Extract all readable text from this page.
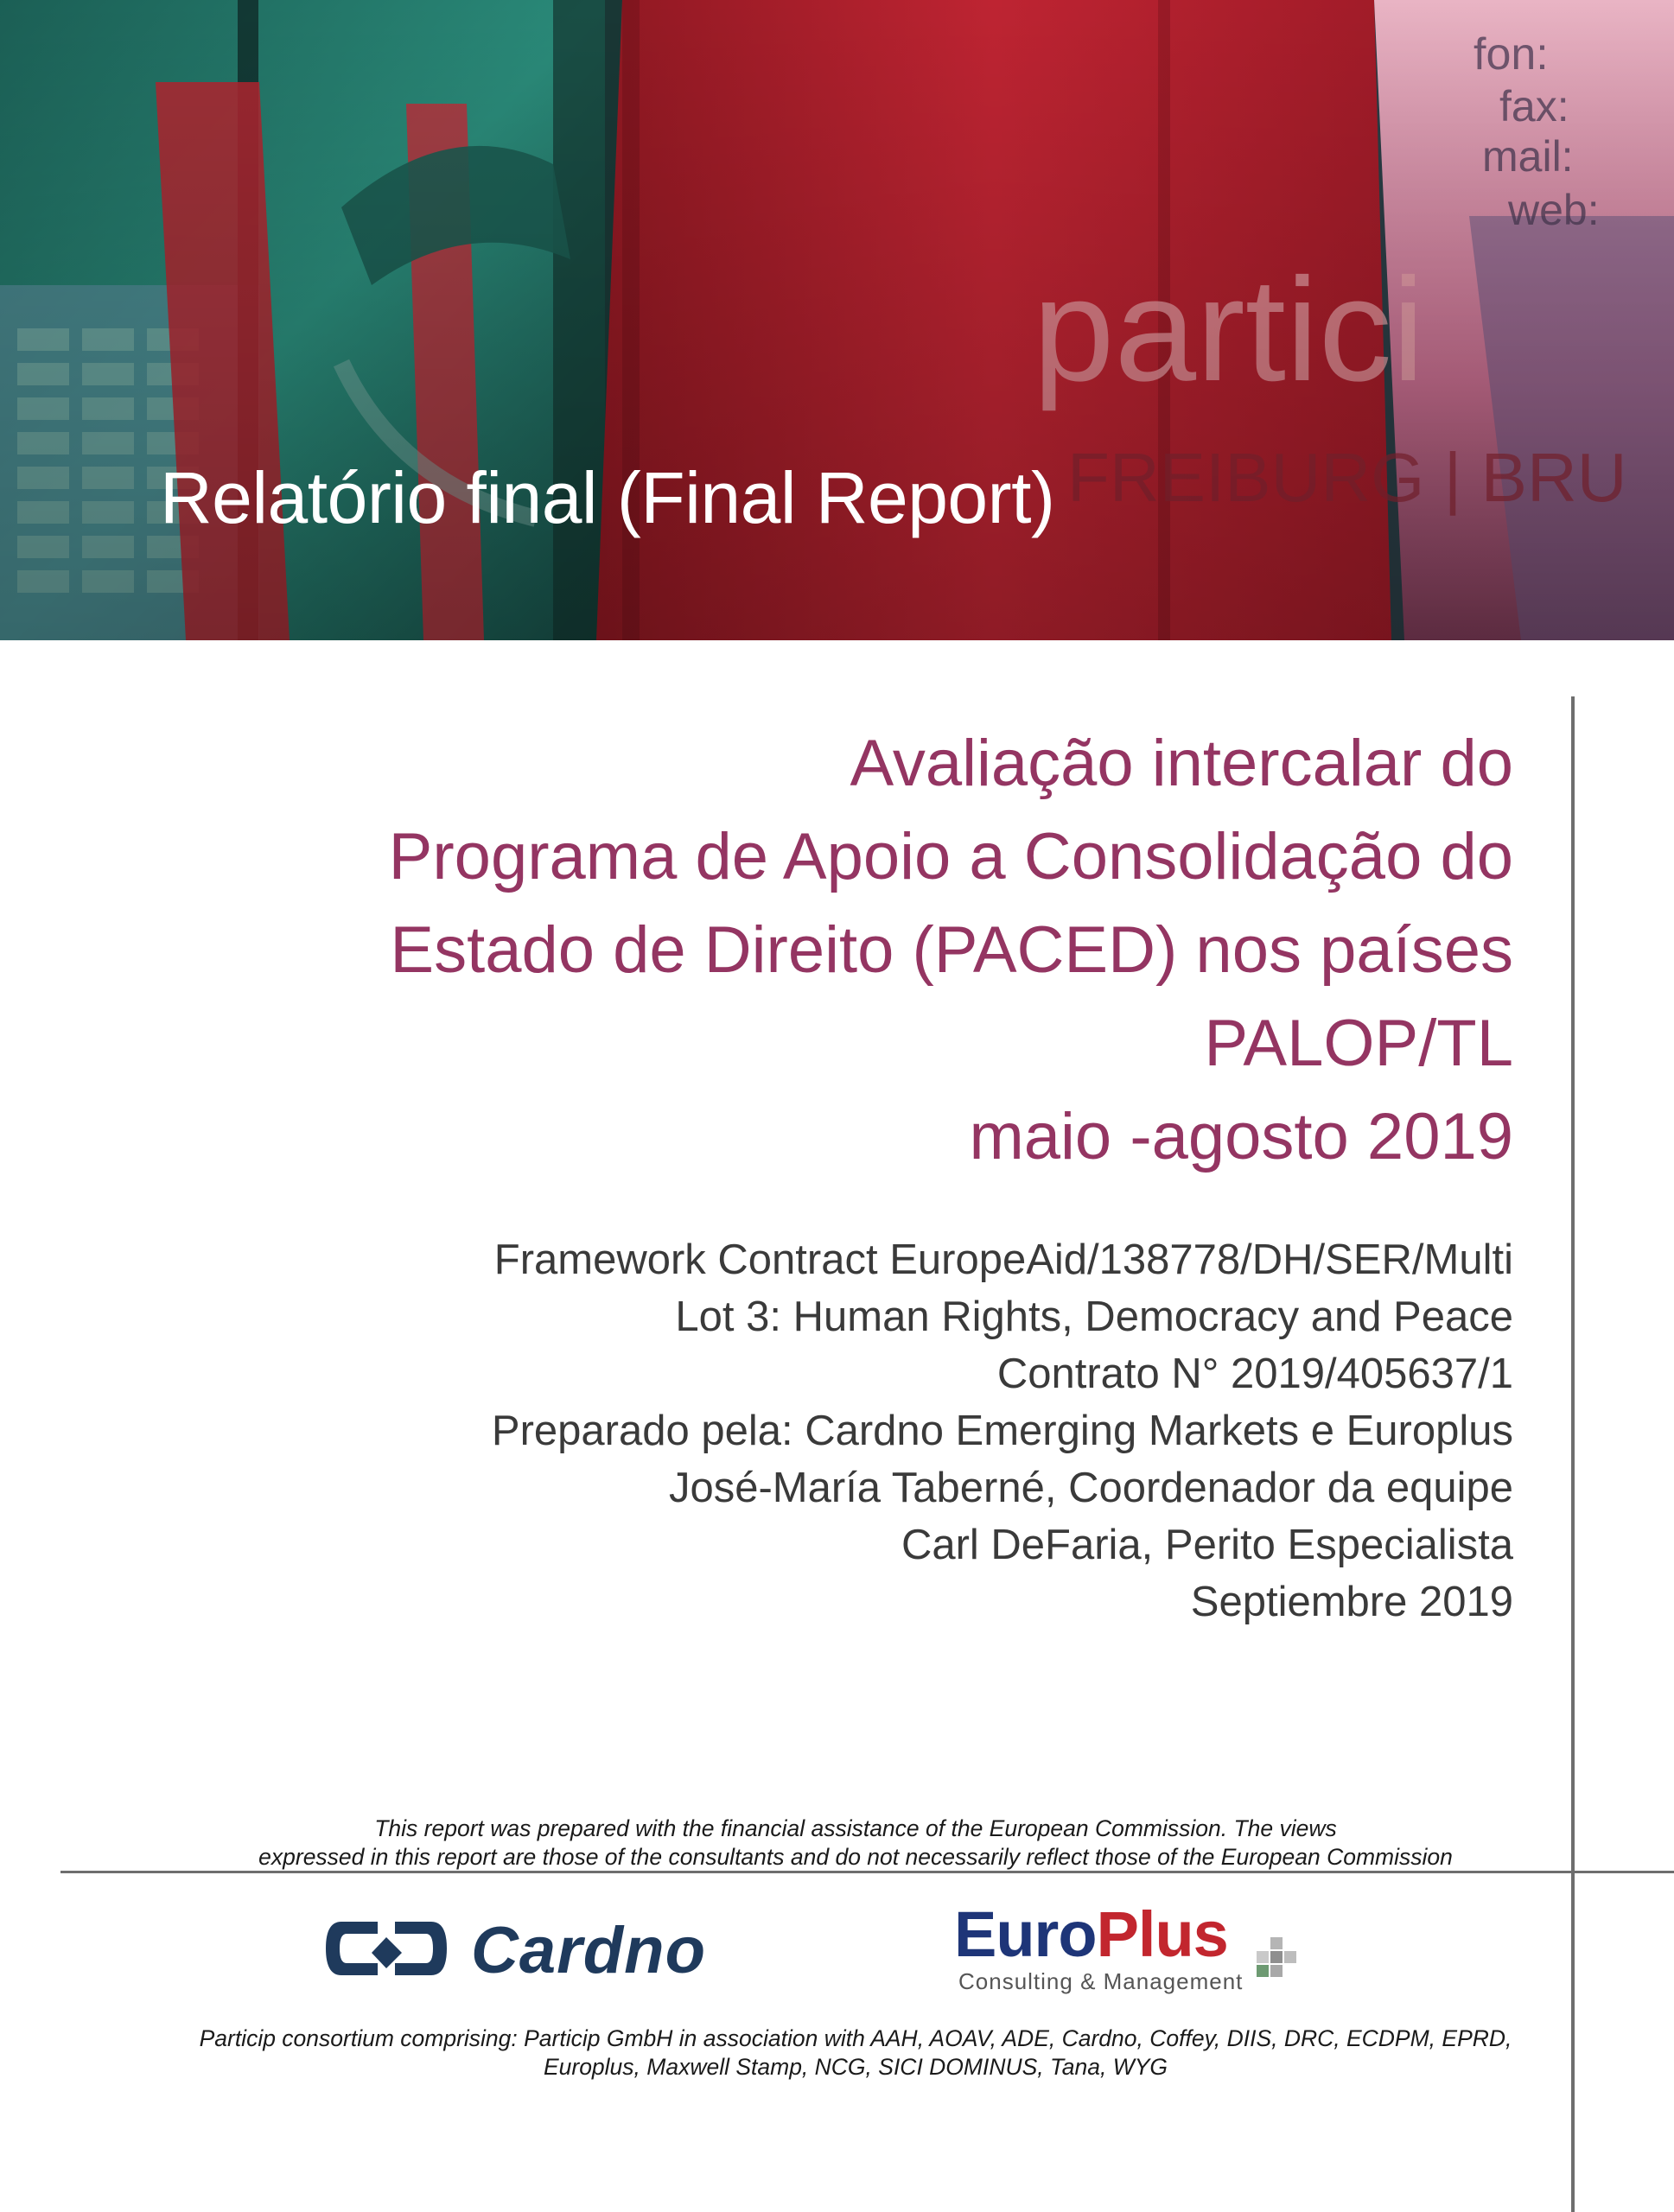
Relatório final (Final Report)
Avaliação intercalar do
Programa de Apoio a Consolidação do
Estado de Direito (PACED) nos países
PALOP/TL
maio -agosto 2019
Framework Contract EuropeAid/138778/DH/SER/Multi
Lot 3: Human Rights, Democracy and Peace
Contrato N° 2019/405637/1
Preparado pela: Cardno Emerging Markets e Europlus
José-María Taberné, Coordenador da equipe
Carl DeFaria, Perito Especialista
Septiembre 2019
This report was prepared with the financial assistance of the European Commission. The views
expressed in this report are those of the consultants and do not necessarily reflect those of the European Commission
Cardno	EuroPlus
Consulting & Management
Particip consortium comprising: Particip GmbH in association with AAH, AOAV, ADE, Cardno, Coffey, DIIS, DRC, ECDPM, EPRD,
Europlus, Maxwell Stamp, NCG, SICI DOMINUS, Tana, WYG
